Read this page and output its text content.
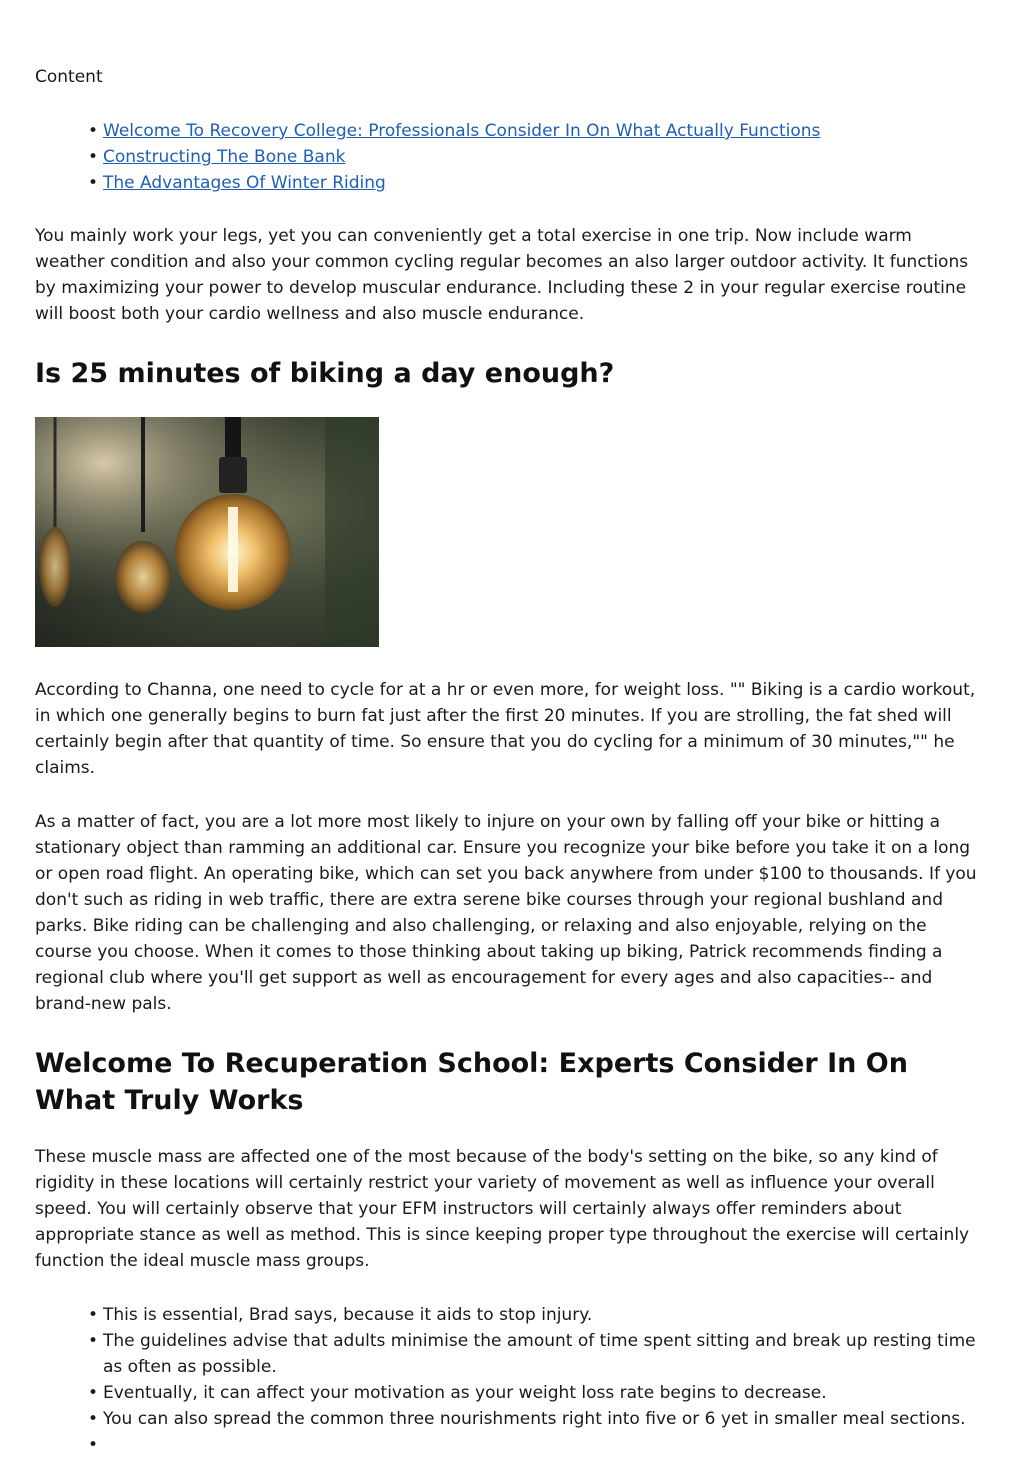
Content
• Welcome To Recovery College: Professionals Consider In On What Actually Functions
• Constructing The Bone Bank
• The Advantages Of Winter Riding

You mainly work your legs, yet you can conveniently get a total exercise in one trip. Now include warm weather condition and also your common cycling regular becomes an also larger outdoor activity. It functions by maximizing your power to develop muscular endurance. Including these 2 in your regular exercise routine will boost both your cardio wellness and also muscle endurance.

Is 25 minutes of biking a day enough?

According to Channa, one need to cycle for at a hr or even more, for weight loss. "" Biking is a cardio workout, in which one generally begins to burn fat just after the first 20 minutes. If you are strolling, the fat shed will certainly begin after that quantity of time. So ensure that you do cycling for a minimum of 30 minutes,"" he claims.

As a matter of fact, you are a lot more most likely to injure on your own by falling off your bike or hitting a stationary object than ramming an additional car. Ensure you recognize your bike before you take it on a long or open road flight. An operating bike, which can set you back anywhere from under $100 to thousands. If you don't such as riding in web traffic, there are extra serene bike courses through your regional bushland and parks. Bike riding can be challenging and also challenging, or relaxing and also enjoyable, relying on the course you choose. When it comes to those thinking about taking up biking, Patrick recommends finding a regional club where you'll get support as well as encouragement for every ages and also capacities-- and brand-new pals.

Welcome To Recuperation School: Experts Consider In On What Truly Works

These muscle mass are affected one of the most because of the body's setting on the bike, so any kind of rigidity in these locations will certainly restrict your variety of movement as well as influence your overall speed. You will certainly observe that your EFM instructors will certainly always offer reminders about appropriate stance as well as method. This is since keeping proper type throughout the exercise will certainly function the ideal muscle mass groups.

• This is essential, Brad says, because it aids to stop injury.
• The guidelines advise that adults minimise the amount of time spent sitting and break up resting time as often as possible.
• Eventually, it can affect your motivation as your weight loss rate begins to decrease.
• You can also spread the common three nourishments right into five or 6 yet in smaller meal sections.
•
